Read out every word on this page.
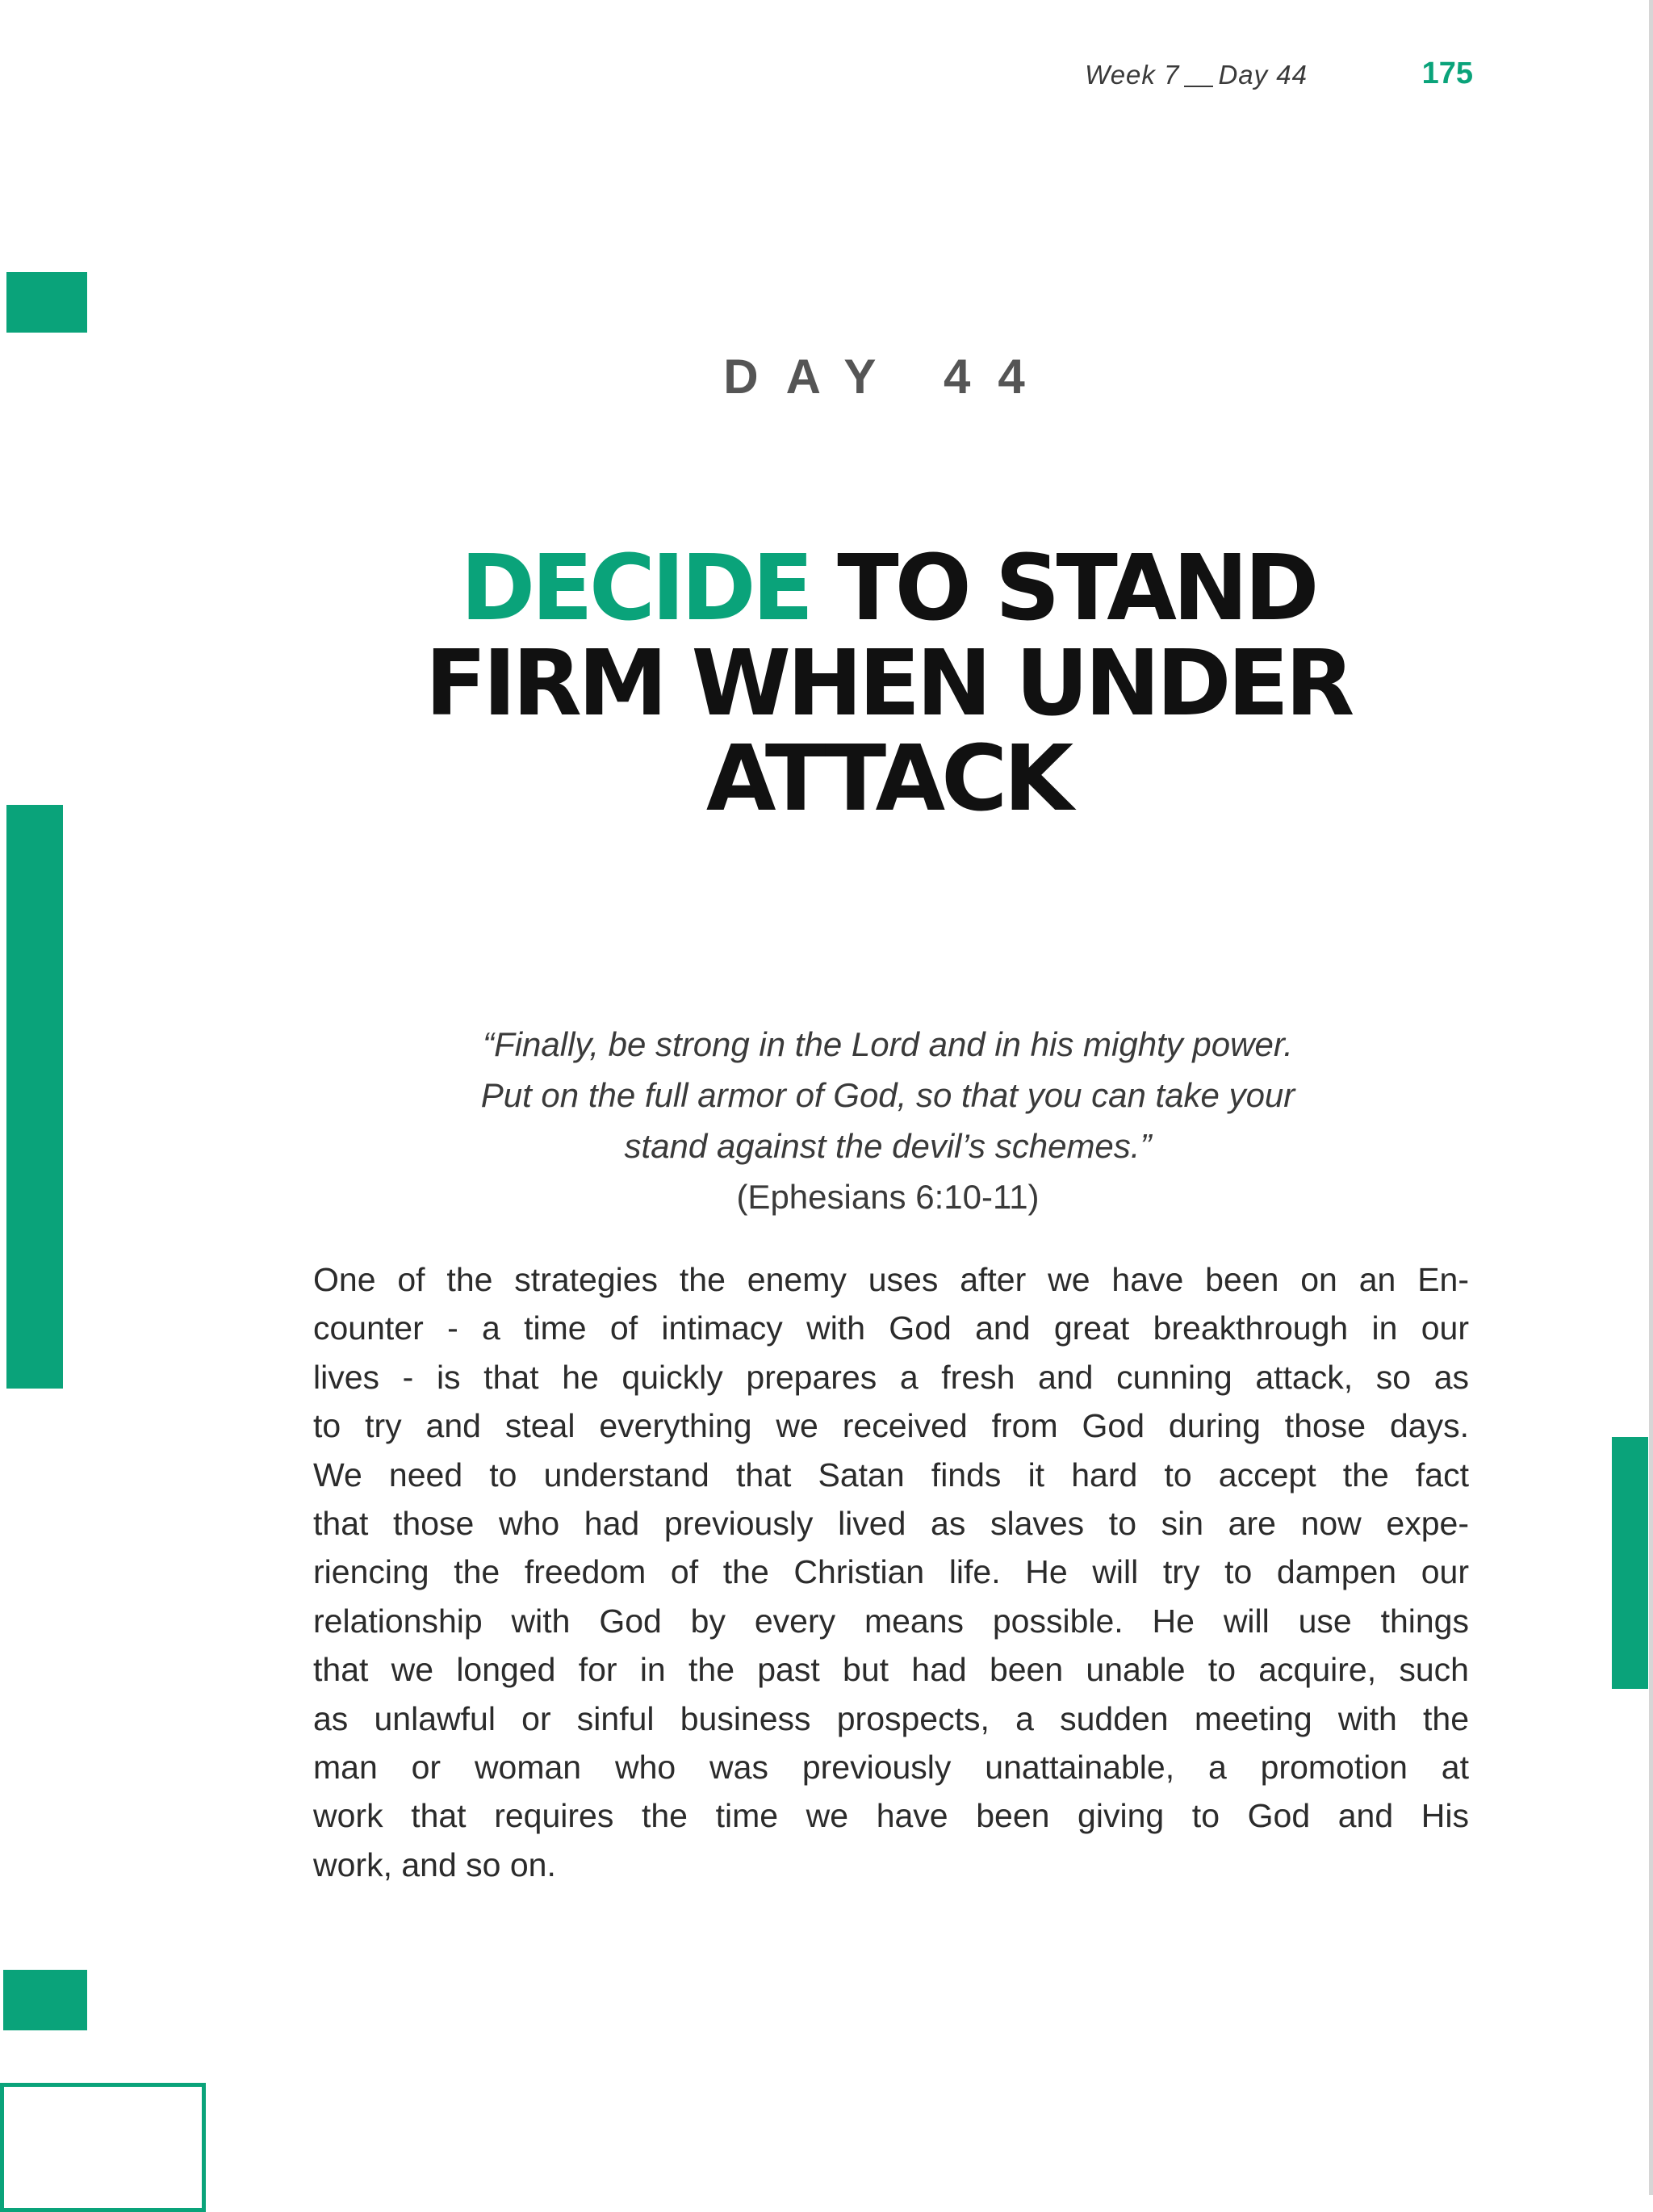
Week 7 Day 44	175
DAY 44
DECIDE TO STAND
FIRM WHEN UNDER
ATTACK
“Finally, be strong in the Lord and in his mighty power.
Put on the full armor of God, so that you can take your
stand against the devil’s schemes.”
(Ephesians 6:10-11)
One of the strategies the enemy uses after we have been on an En-
counter - a time of intimacy with God and great breakthrough in our
lives - is that he quickly prepares a fresh and cunning attack, so as
to try and steal everything we received from God during those days.
We need to understand that Satan finds it hard to accept the fact
that those who had previously lived as slaves to sin are now expe-
riencing the freedom of the Christian life. He will try to dampen our
relationship with God by every means possible. He will use things
that we longed for in the past but had been unable to acquire, such
as unlawful or sinful business prospects, a sudden meeting with the
man or woman who was previously unattainable, a promotion at
work that requires the time we have been giving to God and His
work, and so on.
